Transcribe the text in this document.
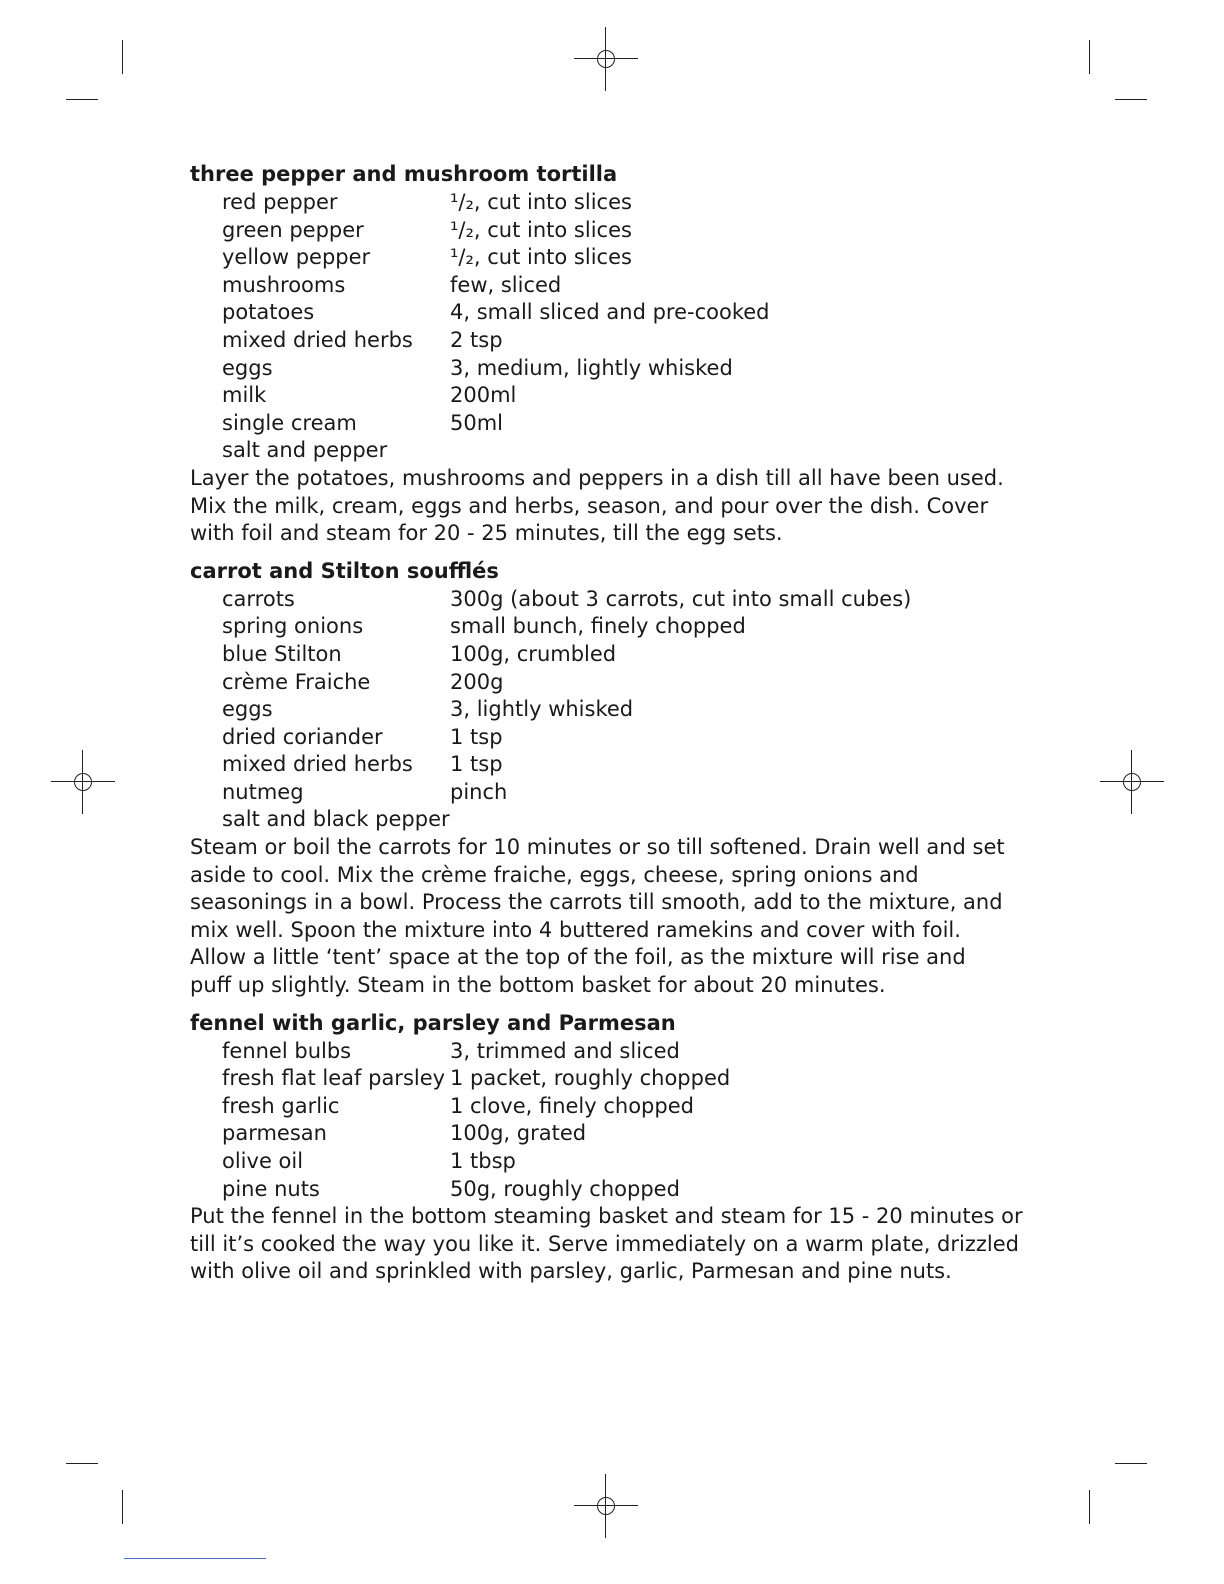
three pepper and mushroom tortilla
red pepper	¹/₂, cut into slices
green pepper	¹/₂, cut into slices
yellow pepper	¹/₂, cut into slices
mushrooms	few, sliced
potatoes	4, small sliced and pre-cooked
mixed dried herbs	2 tsp
eggs	3, medium, lightly whisked
milk	200ml
single cream	50ml
salt and pepper

Layer the potatoes, mushrooms and peppers in a dish till all have been used.

Mix the milk, cream, eggs and herbs, season, and pour over the dish. Cover

with foil and steam for 20 - 25 minutes, till the egg sets.

carrot and Stilton soufflés
carrots	300g (about 3 carrots, cut into small cubes)
spring onions	small bunch, finely chopped
blue Stilton	100g, crumbled
crème Fraiche	200g
eggs	3, lightly whisked
dried coriander	1 tsp
mixed dried herbs	1 tsp
nutmeg	pinch
salt and black pepper

Steam or boil the carrots for 10 minutes or so till softened. Drain well and set

aside to cool. Mix the crème fraiche, eggs, cheese, spring onions and

seasonings in a bowl. Process the carrots till smooth, add to the mixture, and

mix well. Spoon the mixture into 4 buttered ramekins and cover with foil.

Allow a little ‘tent’ space at the top of the foil, as the mixture will rise and

puff up slightly. Steam in the bottom basket for about 20 minutes.

fennel with garlic, parsley and Parmesan
fennel bulbs	3, trimmed and sliced
fresh flat leaf parsley 1 packet, roughly chopped
fresh garlic	1 clove, finely chopped
parmesan	100g, grated
olive oil	1 tbsp
pine nuts	50g, roughly chopped

Put the fennel in the bottom steaming basket and steam for 15 - 20 minutes or

till it’s cooked the way you like it. Serve immediately on a warm plate, drizzled

with olive oil and sprinkled with parsley, garlic, Parmesan and pine nuts.
